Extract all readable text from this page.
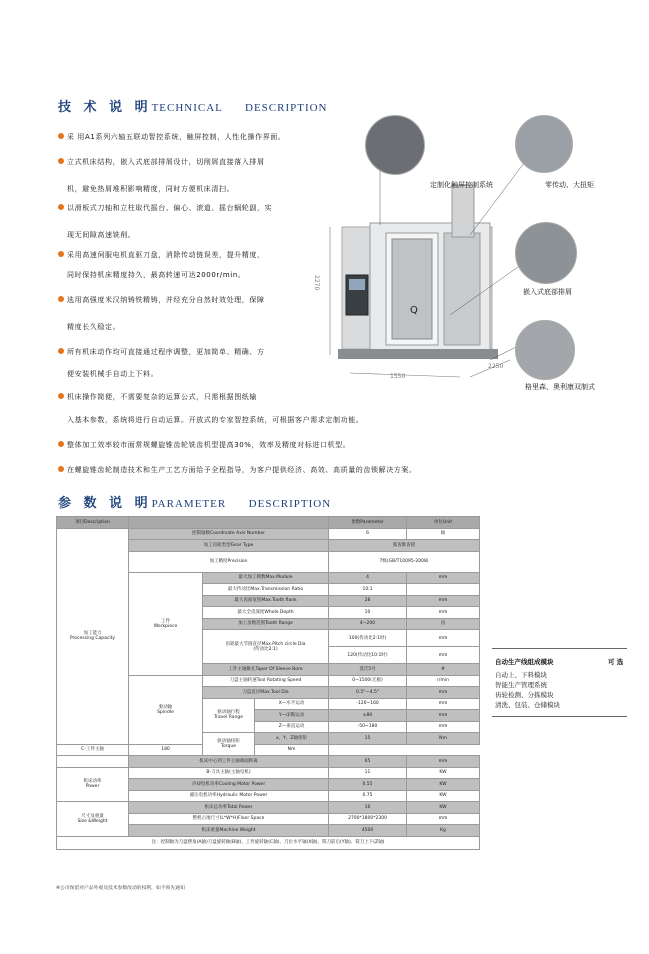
技 术 说 明TECHNICAL      DESCRIPTION
采 用A1系列六轴五联动智控系统，触屏控制，人性化操作界面。
立式机床结构，嵌入式底部排屑设计，切削屑直接落入排屑
机，避免热屑堆积影响精度，同时方便机床清扫。
以滑板式刀轴和立柱取代摇台、偏心、滚道、摇台蜗轮副，实
现无间隙高速铣削。
采用高速伺服电机直驱刀盘，消除传动链误差，提升精度，
同时保持机床精度持久，最高转速可达2000r/min。
选用高强度米汉纳铸铁精铸，并经充分自然时效处理，保障
精度长久稳定。
所有机床动作均可直接通过程序调整，更加简单、精确、方
便安装机械手自动上下料。
机床操作简便，不需要复杂的运算公式，只需根据图纸输
入基本参数，系统将进行自动运算。开放式的专家智控系统，可根据客户需求定制功能。
整体加工效率较市面常规螺旋锥齿轮铣齿机型提高30%，效率及精度对标进口机型。
在螺旋锥齿轮制造技术和生产工艺方面给予全程指导，为客户提供经济、高效、高质量的齿锁解决方案。
定制化触屏控制系统	零传动、大扭矩
嵌入式底部排屑
格里森、奥利康双制式
2270
1550
2250
Q
参 数 说 明PARAMETER      DESCRIPTION
项目Description				参数Parameter	单位Unit
加工能力
Processing Capacity	控制轴数Coordinate Axis Number			6	轴
	加工齿轮类型Gear Type			弧齿锥齿轮	
	加工精度Precision			7级(GB/T10095-2008)	
	工件
Workpiece	最大加工模数Max.Module		4	mm
		最大传动比Max.Transmission Ratio		10:1	
		最大齿面宽度Max.Tooth flank		28	mm
		最大全齿深度Whole Depth		10	mm
		加工齿数范围Tooth Range		4~200	齿
		齿轮最大节圆直径Max.Pitch circle Dia
(传动比2:1)		100(传动比2:1时)	mm
				120(传动比10:1时)	mm
		工件主轴锥孔Taper Of Sleeve Bore		莫氏5号	#
	驱动轴
Spindle	刀盘主轴转速Tool Rotating Speed		0~1500(无极)	r/min
		刀盘直径Max.Tool Dia		0.5"—4.5"	mm
		驱动轴行程
Travel Range	X—水平运动	-120~160	mm
			Y—床鞍运动	±80	mm
			Z—垂直运动	-50~180	mm
		驱动轴扭矩
Torque	x、Y、Z轴扭矩	15	Nm
C-工件主轴	180		Nm		
	机床中心到工件主轴端面距离			65	mm
机床动率
Power	B-刀具主轴(主轴电机)			11	KW
	冷却电机功率Cooling Motor Power			0.55	KW
	液压电机功率Hydraulic Motor Power			0.75	KW
尺寸及重量
Size &Weight	机床总功率Total Power			16	KW
	整机占地尺寸(L*W*H)Floor Space			2700*1800*2300	mm
	机床重量Machine Weight			4500	Kg
注：控制轴为刀盘摆角(A轴)刀盘旋转轴(B轴)、工件旋转轴(C轴)、刀位水平轴(X轴)、铣刀前后(Y轴)、铣刀上下(Z轴)					
※公司保留对产品外观及技术参数改动的权利，如不预先通知
自动生产线组成模块	可 选
自动上、下料模块
智能生产管理系统
齿轮检测、分拣模块
清洗、包装、仓储模块
